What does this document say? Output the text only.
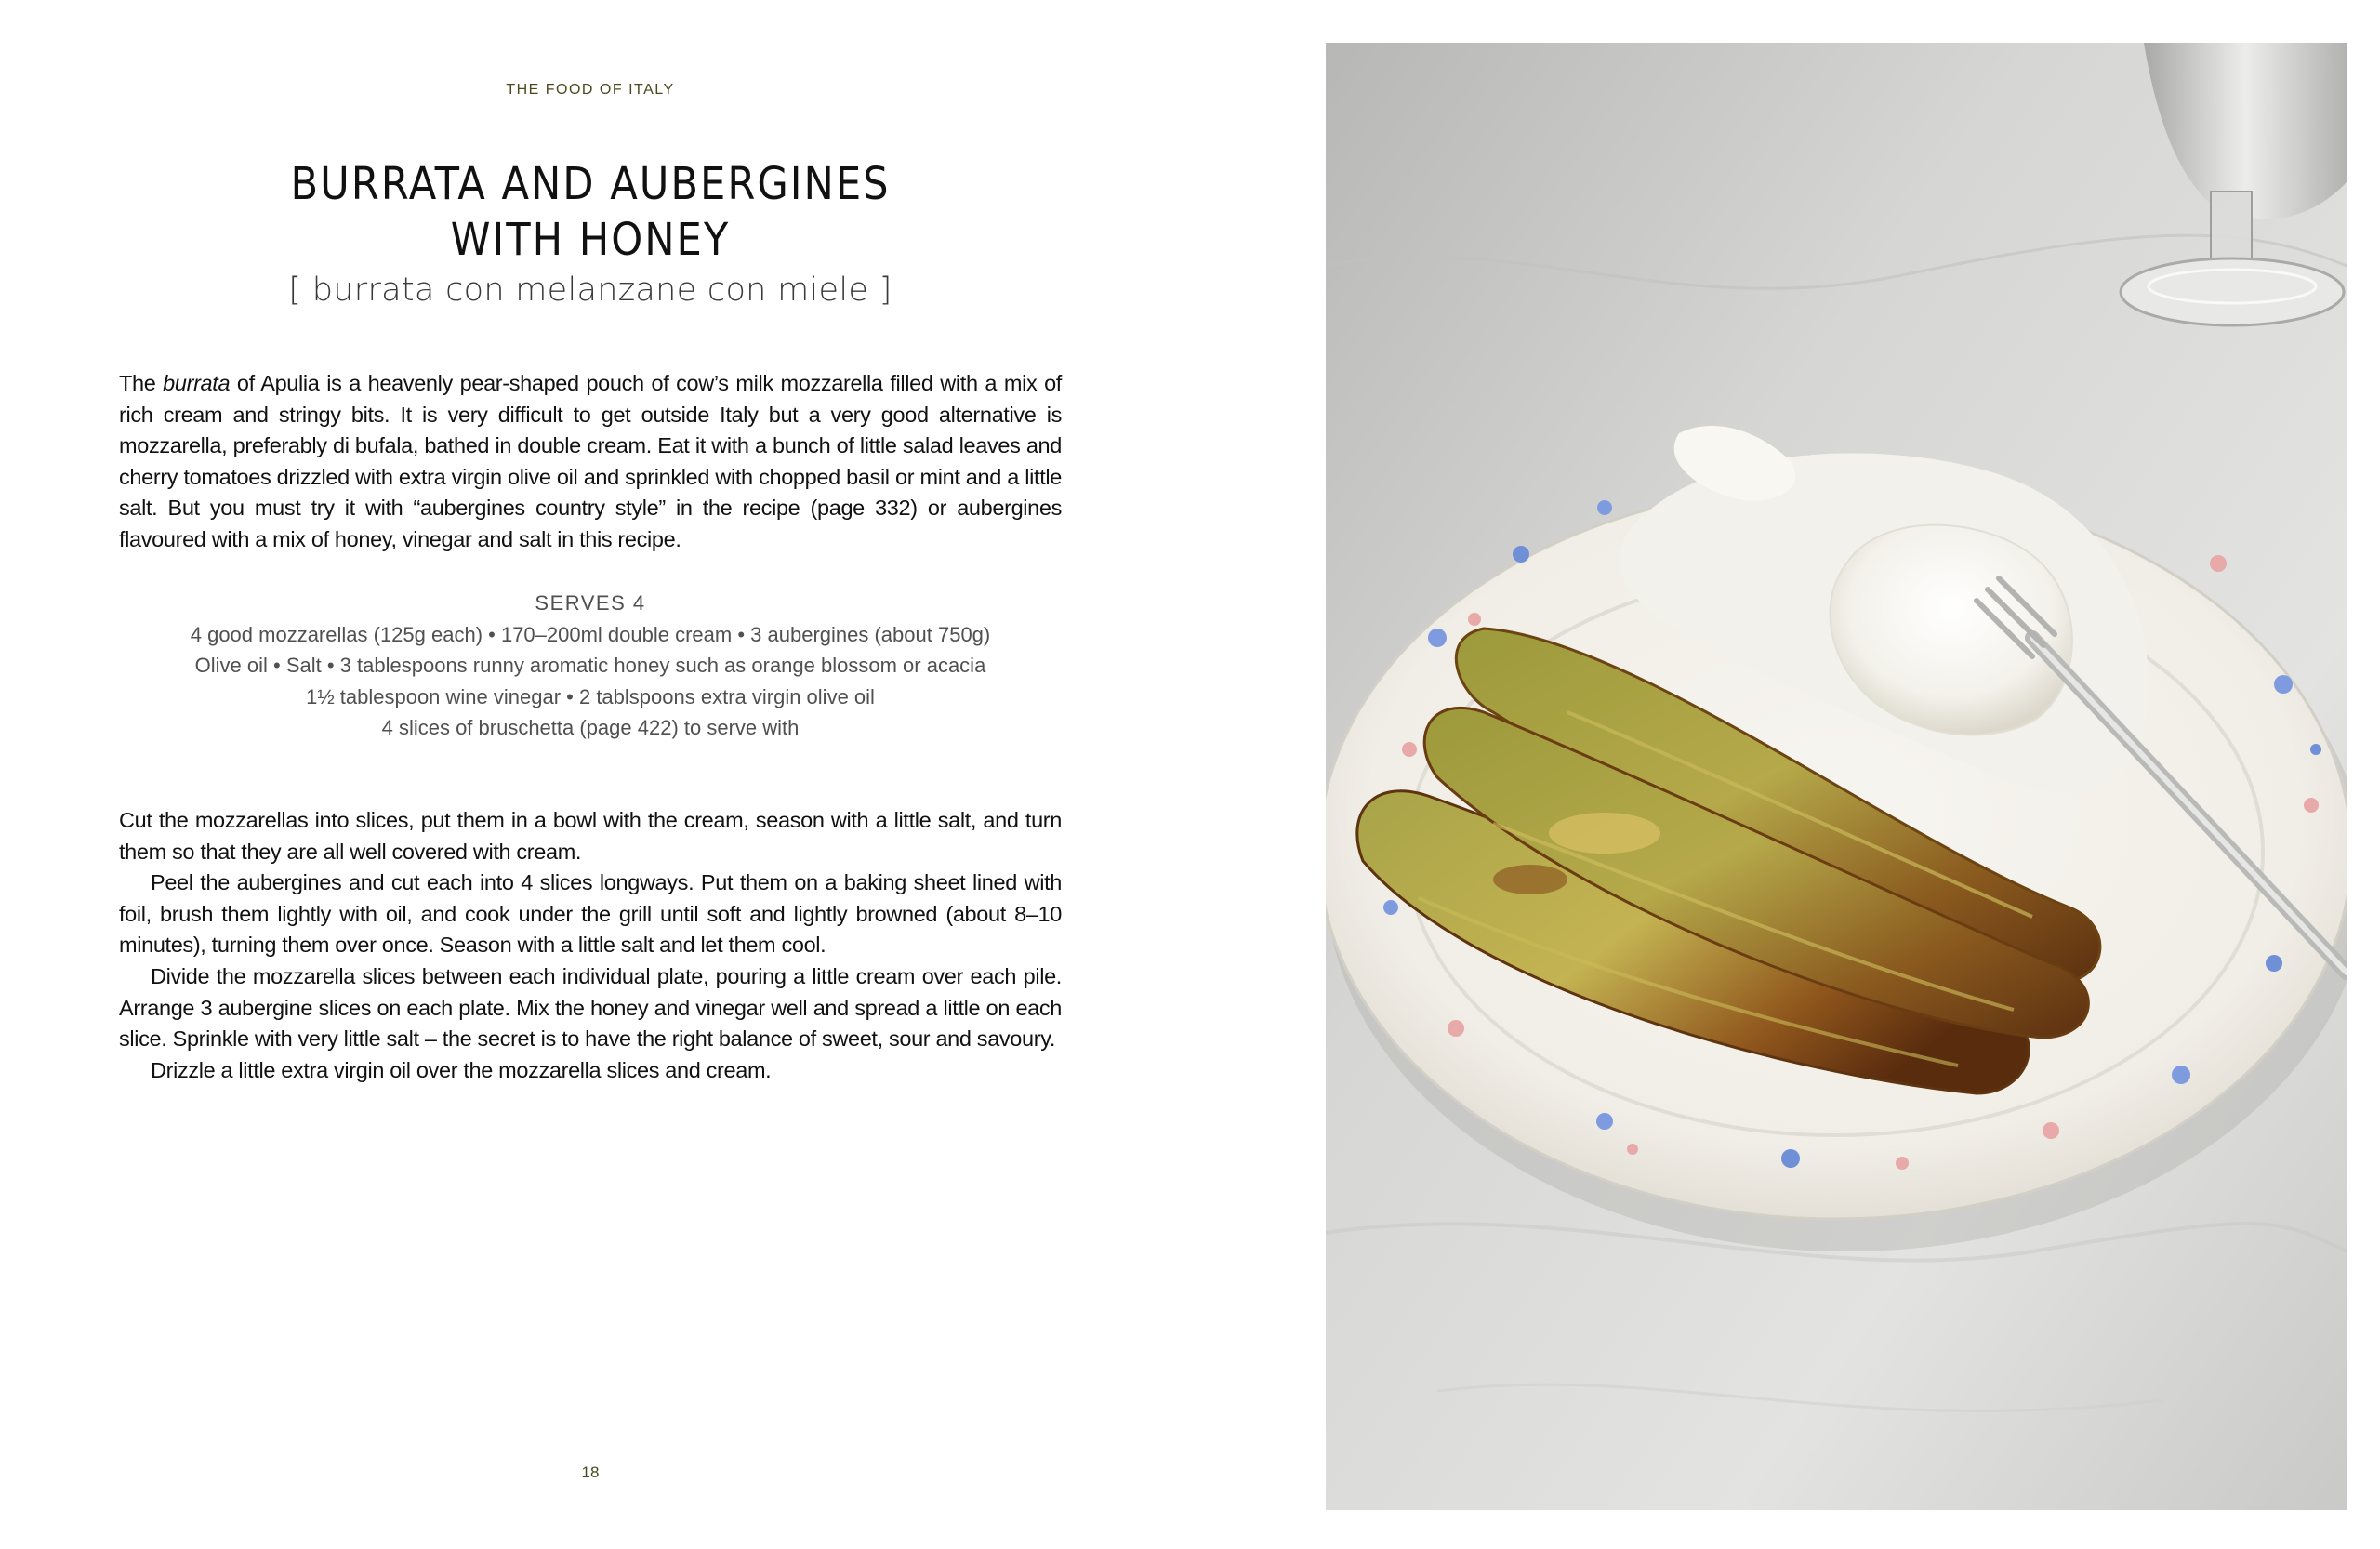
THE FOOD OF ITALY
BURRATA AND AUBERGINES
WITH HONEY
[ burrata con melanzane con miele ]
The burrata of Apulia is a heavenly pear-shaped pouch of cow’s milk mozzarella filled with a mix of rich cream and stringy bits. It is very difficult to get outside Italy but a very good alternative is mozzarella, preferably di bufala, bathed in double cream. Eat it with a bunch of little salad leaves and cherry tomatoes drizzled with extra virgin olive oil and sprinkled with chopped basil or mint and a little salt. But you must try it with “aubergines country style” in the recipe (page 332) or aubergines flavoured with a mix of honey, vinegar and salt in this recipe.
SERVES 4
4 good mozzarellas (125g each) • 170–200ml double cream • 3 aubergines (about 750g)
Olive oil • Salt • 3 tablespoons runny aromatic honey such as orange blossom or acacia
1½ tablespoon wine vinegar • 2 tablspoons extra virgin olive oil
4 slices of bruschetta (page 422) to serve with

Cut the mozzarellas into slices, put them in a bowl with the cream, season with a little salt, and turn them so that they are all well covered with cream.

Peel the aubergines and cut each into 4 slices longways. Put them on a baking sheet lined with foil, brush them lightly with oil, and cook under the grill until soft and lightly browned (about 8–10 minutes), turning them over once. Season with a little salt and let them cool.

Divide the mozzarella slices between each individual plate, pouring a little cream over each pile. Arrange 3 aubergine slices on each plate. Mix the honey and vinegar well and spread a little on each slice. Sprinkle with very little salt – the secret is to have the right balance of sweet, sour and savoury.

Drizzle a little extra virgin oil over the mozzarella slices and cream.

18
